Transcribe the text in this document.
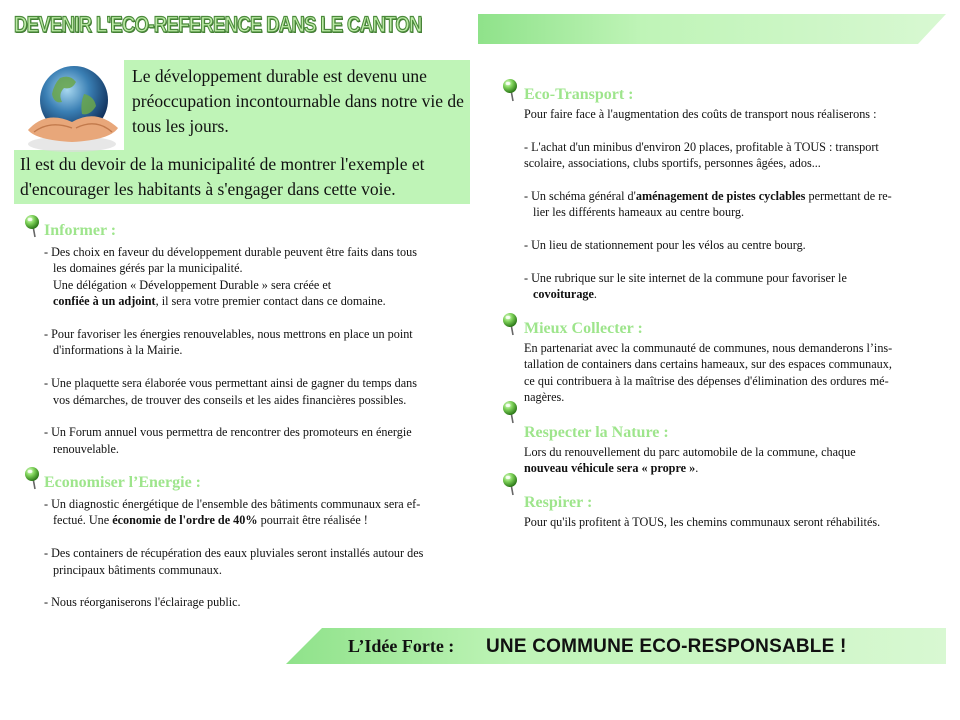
DEVENIR L'ECO-REFERENCE DANS LE CANTON
Le développement durable est devenu une préoccupation incontournable dans notre vie de tous les jours.
Il est du devoir de la municipalité de montrer l'exemple et d'encourager les habitants à s'engager dans cette voie.
Informer :

- Des choix en faveur du développement durable peuvent être faits dans tous

les domaines gérés par la municipalité.

Une délégation « Développement Durable » sera créée et

confiée à un adjoint, il sera votre premier contact dans ce domaine.

- Pour favoriser les énergies renouvelables, nous mettrons en place un point

d'informations à la Mairie.

- Une plaquette sera élaborée vous permettant ainsi de gagner du temps dans

vos démarches, de trouver des conseils et les aides financières possibles.

- Un Forum annuel vous permettra de rencontrer des promoteurs en énergie

renouvelable.

Economiser l’Energie :

- Un diagnostic énergétique de l'ensemble des bâtiments communaux sera ef-

fectué. Une économie de l'ordre de 40% pourrait être réalisée !

- Des containers de récupération des eaux pluviales seront installés autour des

principaux bâtiments communaux.

- Nous réorganiserons l'éclairage public.

Eco-Transport :

Pour faire face à l'augmentation des coûts de transport nous réaliserons :

- L'achat d'un minibus d'environ 20 places, profitable à TOUS : transport

scolaire, associations, clubs sportifs, personnes âgées, ados...

- Un schéma général d'aménagement de pistes cyclables permettant de re-

lier les différents hameaux au centre bourg.

- Un lieu de stationnement pour les vélos au centre bourg.

- Une rubrique sur le site internet de la commune pour favoriser le

covoiturage.

Mieux Collecter :

En partenariat avec la communauté de communes, nous demanderons l’ins-

tallation de containers dans certains hameaux, sur des espaces communaux,

ce qui contribuera à la maîtrise des dépenses d'élimination des ordures mé-

nagères.

Respecter la Nature :

Lors du renouvellement du parc automobile de la commune, chaque

nouveau véhicule sera « propre ».

Respirer :

Pour qu'ils profitent à TOUS, les chemins communaux seront réhabilités.

L’Idée Forte : UNE COMMUNE ECO-RESPONSABLE !
